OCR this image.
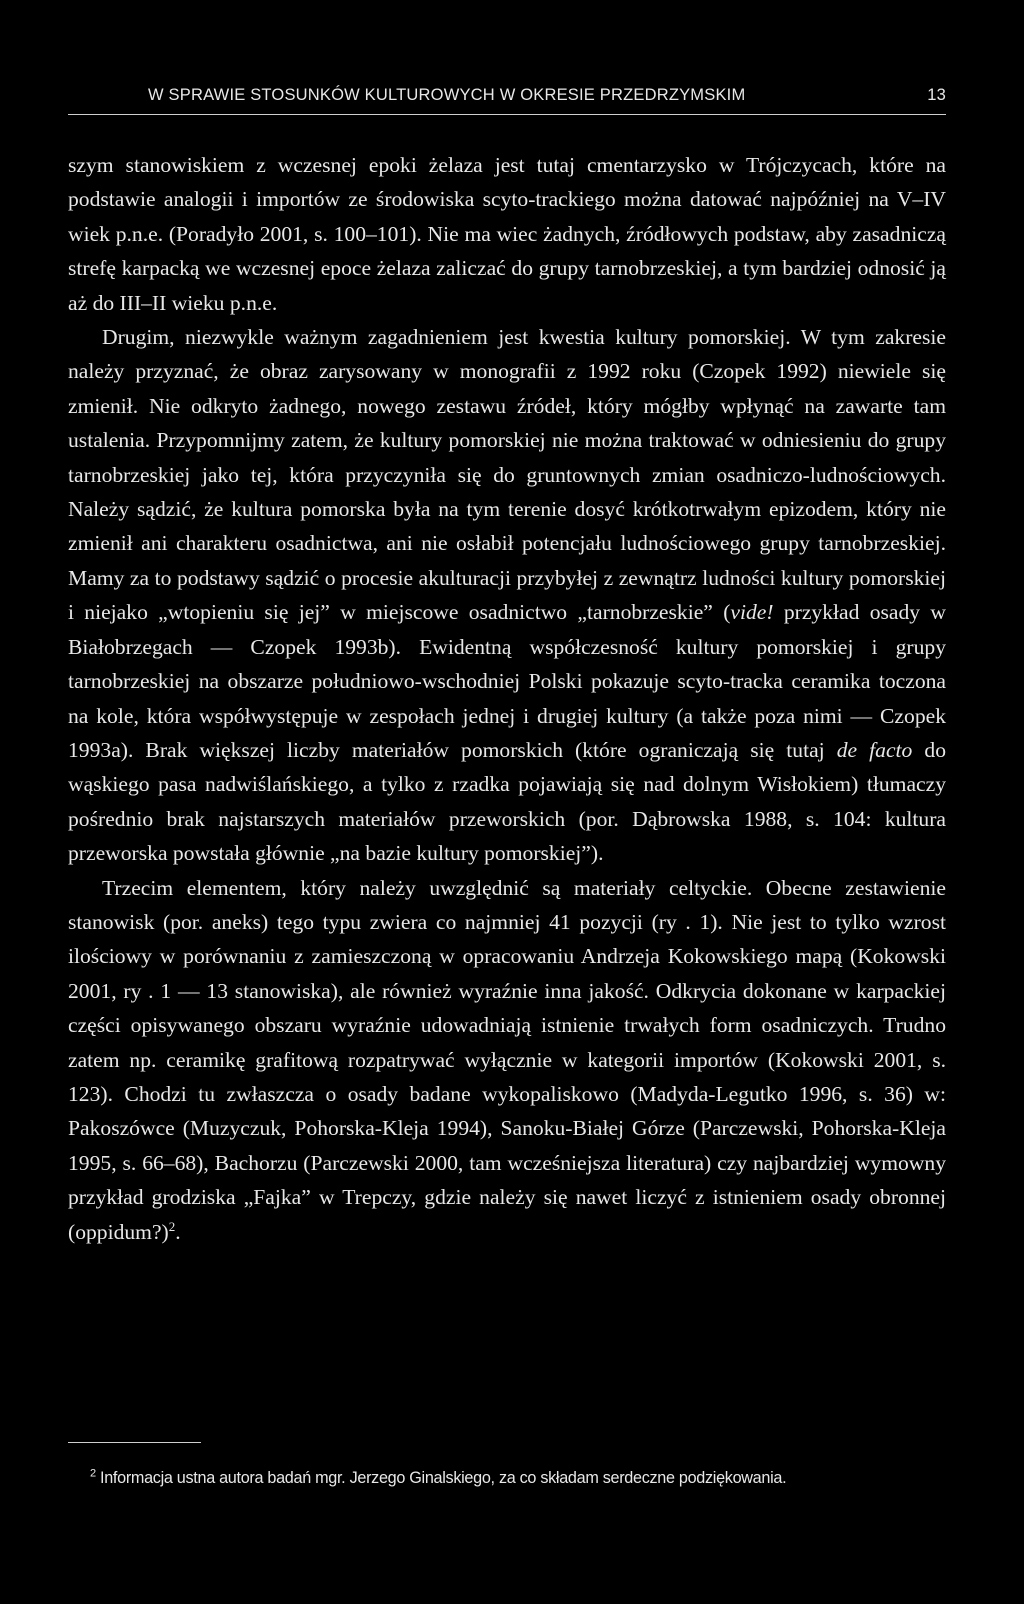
W SPRAWIE STOSUNKÓW KULTUROWYCH W OKRESIE PRZEDRZYMSKIM	13

szym stanowiskiem z wczesnej epoki żelaza jest tutaj cmentarzysko w Trójczycach, które na podstawie analogii i importów ze środowiska scyto-trackiego można datować najpóźniej na V–IV wiek p.n.e. (Poradyło 2001, s. 100–101). Nie ma wiec żadnych, źródłowych podstaw, aby zasadniczą strefę karpacką we wczesnej epoce żelaza zaliczać do grupy tarnobrzeskiej, a tym bardziej odnosić ją aż do III–II wieku p.n.e.

Drugim, niezwykle ważnym zagadnieniem jest kwestia kultury pomorskiej. W tym zakresie należy przyznać, że obraz zarysowany w monografii z 1992 roku (Czopek 1992) niewiele się zmienił. Nie odkryto żadnego, nowego zestawu źródeł, który mógłby wpłynąć na zawarte tam ustalenia. Przypomnijmy zatem, że kultury pomorskiej nie można traktować w odniesieniu do grupy tarnobrzeskiej jako tej, która przyczyniła się do gruntownych zmian osadniczo-ludnościowych. Należy sądzić, że kultura pomorska była na tym terenie dosyć krótkotrwałym epizodem, który nie zmienił ani charakteru osadnictwa, ani nie osłabił potencjału ludnościowego grupy tarnobrzeskiej. Mamy za to podstawy sądzić o procesie akulturacji przybyłej z zewnątrz ludności kultury pomorskiej i niejako „wtopieniu się jej” w miejscowe osadnictwo „tarnobrzeskie” (vide! przykład osady w Białobrzegach — Czopek 1993b). Ewidentną współczesność kultury pomorskiej i grupy tarnobrzeskiej na obszarze południowo-wschodniej Polski pokazuje scyto-tracka ceramika toczona na kole, która współwystępuje w zespołach jednej i drugiej kultury (a także poza nimi — Czopek 1993a). Brak większej liczby materiałów pomorskich (które ograniczają się tutaj de facto do wąskiego pasa nadwiślańskiego, a tylko z rzadka pojawiają się nad dolnym Wisłokiem) tłumaczy pośrednio brak najstarszych materiałów przeworskich (por. Dąbrowska 1988, s. 104: kultura przeworska powstała głównie „na bazie kultury pomorskiej”).

Trzecim elementem, który należy uwzględnić są materiały celtyckie. Obecne zestawienie stanowisk (por. aneks) tego typu zwiera co najmniej 41 pozycji (ry . 1). Nie jest to tylko wzrost ilościowy w porównaniu z zamieszczoną w opracowaniu Andrzeja Kokowskiego mapą (Kokowski 2001, ry . 1 — 13 stanowiska), ale również wyraźnie inna jakość. Odkrycia dokonane w karpackiej części opisywanego obszaru wyraźnie udowadniają istnienie trwałych form osadniczych. Trudno zatem np. ceramikę grafitową rozpatrywać wyłącznie w kategorii importów (Kokowski 2001, s. 123). Chodzi tu zwłaszcza o osady badane wykopaliskowo (Madyda-Legutko 1996, s. 36) w: Pakoszówce (Muzyczuk, Pohorska-Kleja 1994), Sanoku-Białej Górze (Parczewski, Pohorska-Kleja 1995, s. 66–68), Bachorzu (Parczewski 2000, tam wcześniejsza literatura) czy najbardziej wymowny przykład grodziska „Fajka” w Trepczy, gdzie należy się nawet liczyć z istnieniem osady obronnej (oppidum?)$^2$.

$^2$ Informacja ustna autora badań mgr. Jerzego Ginalskiego, za co składam serdeczne podziękowania.
